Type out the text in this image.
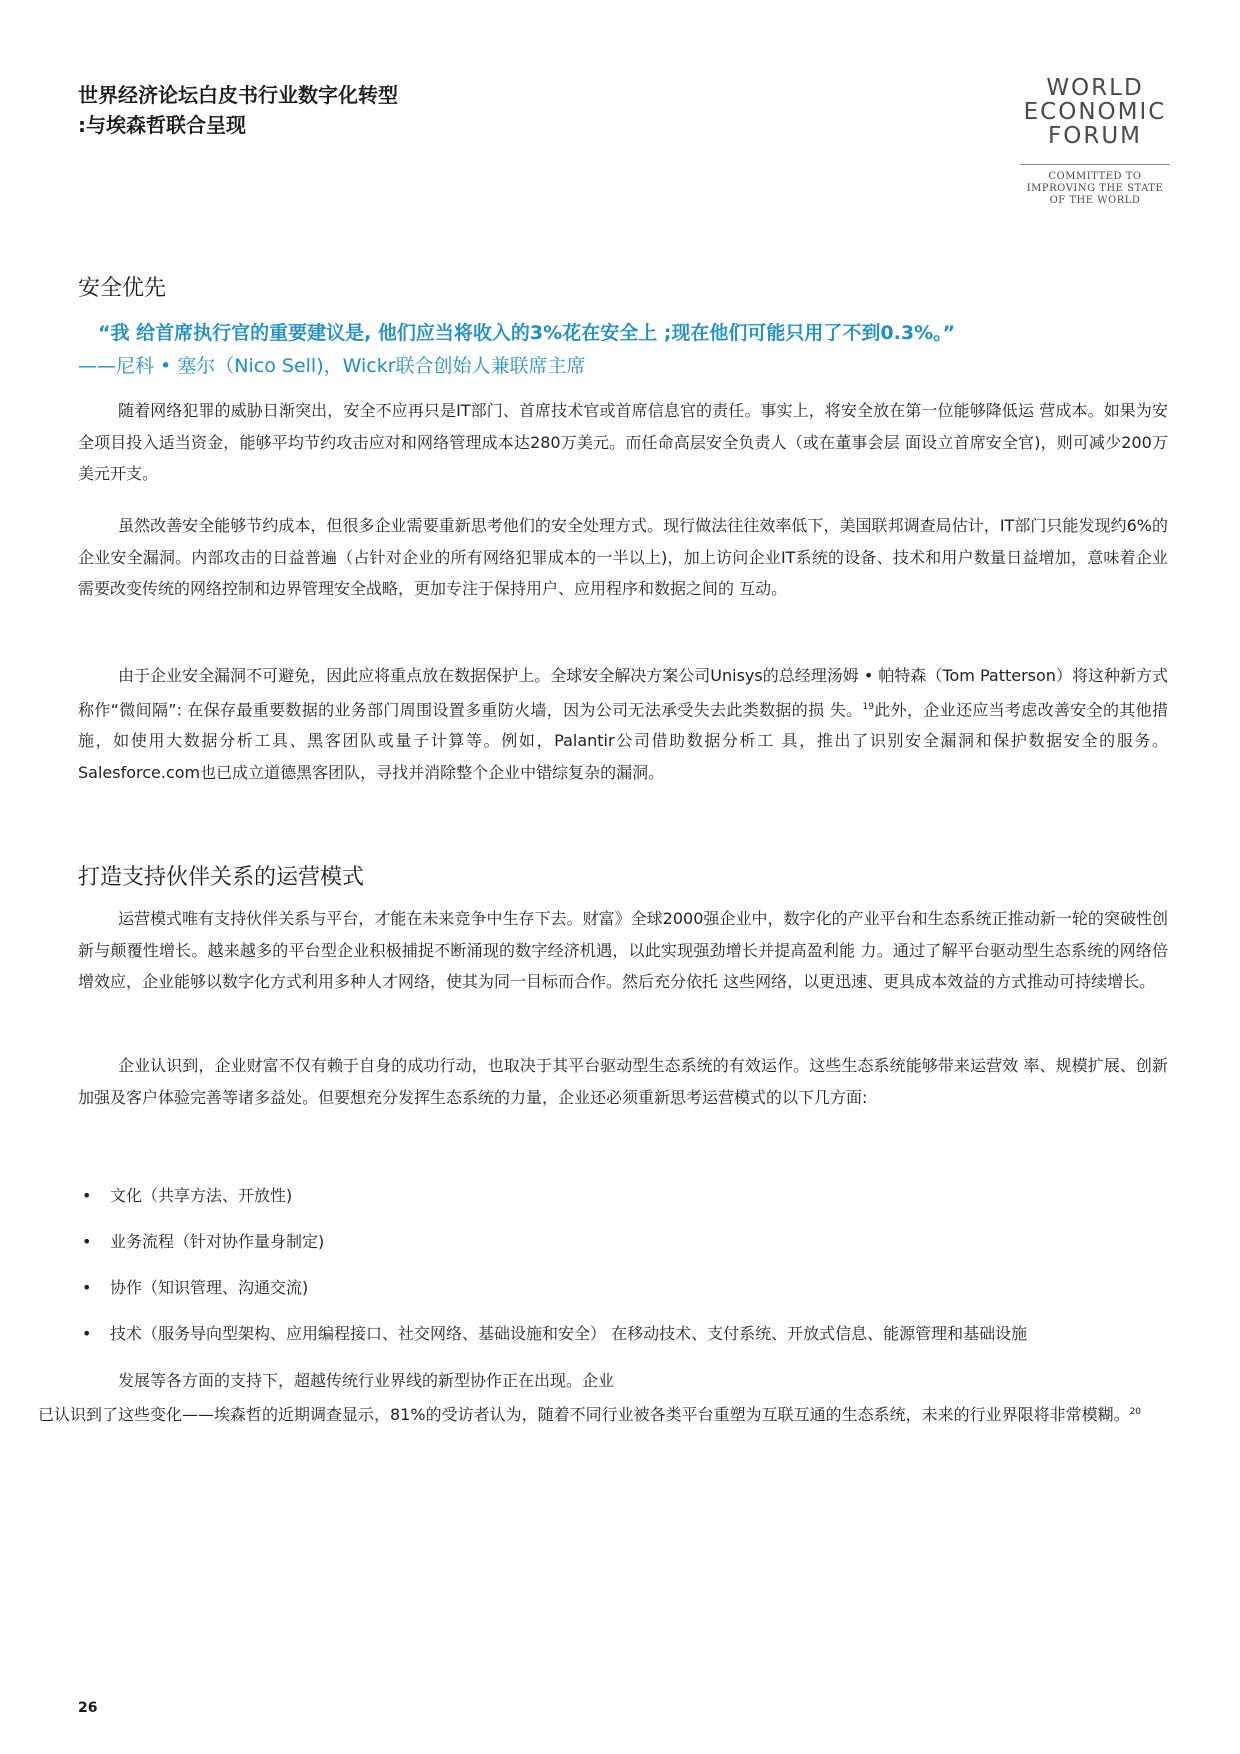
世界经济论坛白皮书行业数字化转型 :与埃森哲联合呈现
WORLD
ECONOMIC
FORUM
COMMITTED TO
IMPROVING THE STATE
OF THE WORLD
安全优先
“我 给首席执行官的重要建议是, 他们应当将收入的3%花在安全上 ;现在他们可能只用了不到0.3%。”
——尼科 • 塞尔（Nico Sell)，Wickr联合创始人兼联席主席

随着网络犯罪的威胁日渐突出，安全不应再只是IT部门、首席技术官或首席信息官的责任。事实上，将安全放在第一位能够降低运 营成本。如果为安全项目投入适当资金，能够平均节约攻击应对和网络管理成本达280万美元。而任命高层安全负责人（或在董事会层 面设立首席安全官)，则可减少200万美元开支。

虽然改善安全能够节约成本，但很多企业需要重新思考他们的安全处理方式。现行做法往往效率低下，美国联邦调查局估计，IT部门只能发现约6%的企业安全漏洞。内部攻击的日益普遍（占针对企业的所有网络犯罪成本的一半以上)，加上访问企业IT系统的设备、技术和用户数量日益增加，意味着企业需要改变传统的网络控制和边界管理安全战略，更加专注于保持用户、应用程序和数据之间的 互动。

由于企业安全漏洞不可避免，因此应将重点放在数据保护上。全球安全解决方案公司Unisys的总经理汤姆 • 帕特森（Tom Patterson）将这种新方式称作“微间隔”: 在保存最重要数据的业务部门周围设置多重防火墙，因为公司无法承受失去此类数据的损 失。$^{19}$此外，企业还应当考虑改善安全的其他措施，如使用大数据分析工具、黑客团队或量子计算等。例如，Palantir公司借助数据分析工 具，推出了识别安全漏洞和保护数据安全的服务。Salesforce.com也已成立道德黑客团队，寻找并消除整个企业中错综复杂的漏洞。

打造支持伙伴关系的运营模式

运营模式唯有支持伙伴关系与平台，才能在未来竞争中生存下去。财富》全球2000强企业中，数字化的产业平台和生态系统正推动新一轮的突破性创新与颠覆性增长。越来越多的平台型企业积极捕捉不断涌现的数字经济机遇，以此实现强劲增长并提高盈利能 力。通过了解平台驱动型生态系统的网络倍增效应，企业能够以数字化方式利用多种人才网络，使其为同一目标而合作。然后充分依托 这些网络，以更迅速、更具成本效益的方式推动可持续增长。

企业认识到，企业财富不仅有赖于自身的成功行动，也取决于其平台驱动型生态系统的有效运作。这些生态系统能够带来运营效 率、规模扩展、创新加强及客户体验完善等诸多益处。但要想充分发挥生态系统的力量，企业还必须重新思考运营模式的以下几方面:

• 文化（共享方法、开放性)
• 业务流程（针对协作量身制定)
• 协作（知识管理、沟通交流)
• 技术（服务导向型架构、应用编程接口、社交网络、基础设施和安全） 在移动技术、支付系统、开放式信息、能源管理和基础设施

发展等各方面的支持下，超越传统行业界线的新型协作正在出现。企业
已认识到了这些变化——埃森哲的近期调查显示，81%的受访者认为，随着不同行业被各类平台重塑为互联互通的生态系统，未来的行业界限将非常模糊。$^{20}$

26
